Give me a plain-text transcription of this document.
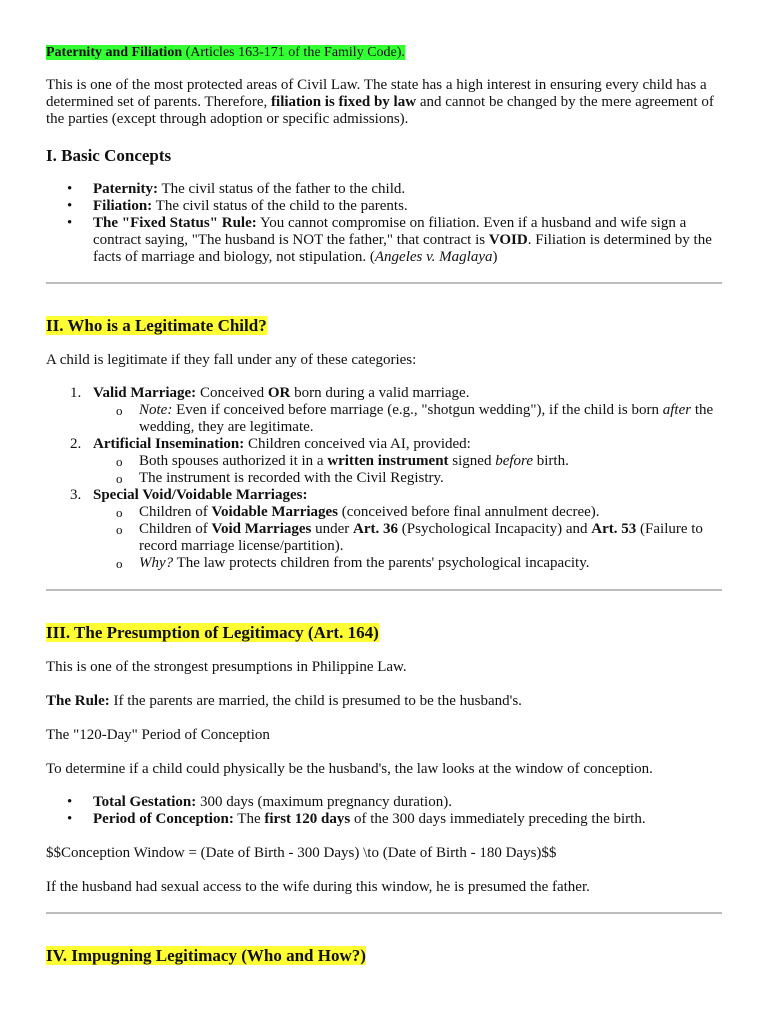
Paternity and Filiation (Articles 163-171 of the Family Code).

This is one of the most protected areas of Civil Law. The state has a high interest in ensuring every child has a determined set of parents. Therefore, filiation is fixed by law and cannot be changed by the mere agreement of the parties (except through adoption or specific admissions).

I. Basic Concepts
• Paternity: The civil status of the father to the child.
• Filiation: The civil status of the child to the parents.
• The "Fixed Status" Rule: You cannot compromise on filiation. Even if a husband and wife sign a contract saying, "The husband is NOT the father," that contract is VOID. Filiation is determined by the facts of marriage and biology, not stipulation. (Angeles v. Maglaya)
II. Who is a Legitimate Child?

A child is legitimate if they fall under any of these categories:

1. Valid Marriage: Conceived OR born during a valid marriage.
o Note: Even if conceived before marriage (e.g., "shotgun wedding"), if the child is born after the wedding, they are legitimate.
2. Artificial Insemination: Children conceived via AI, provided:
o Both spouses authorized it in a written instrument signed before birth.
o The instrument is recorded with the Civil Registry.
3. Special Void/Voidable Marriages:
o Children of Voidable Marriages (conceived before final annulment decree).
o Children of Void Marriages under Art. 36 (Psychological Incapacity) and Art. 53 (Failure to record marriage license/partition).
o Why? The law protects children from the parents' psychological incapacity.
III. The Presumption of Legitimacy (Art. 164)

This is one of the strongest presumptions in Philippine Law.

The Rule: If the parents are married, the child is presumed to be the husband's.

The "120-Day" Period of Conception

To determine if a child could physically be the husband's, the law looks at the window of conception.

• Total Gestation: 300 days (maximum pregnancy duration).
• Period of Conception: The first 120 days of the 300 days immediately preceding the birth.

$$Conception Window = (Date of Birth - 300 Days) \to (Date of Birth - 180 Days)$$

If the husband had sexual access to the wife during this window, he is presumed the father.

IV. Impugning Legitimacy (Who and How?)
